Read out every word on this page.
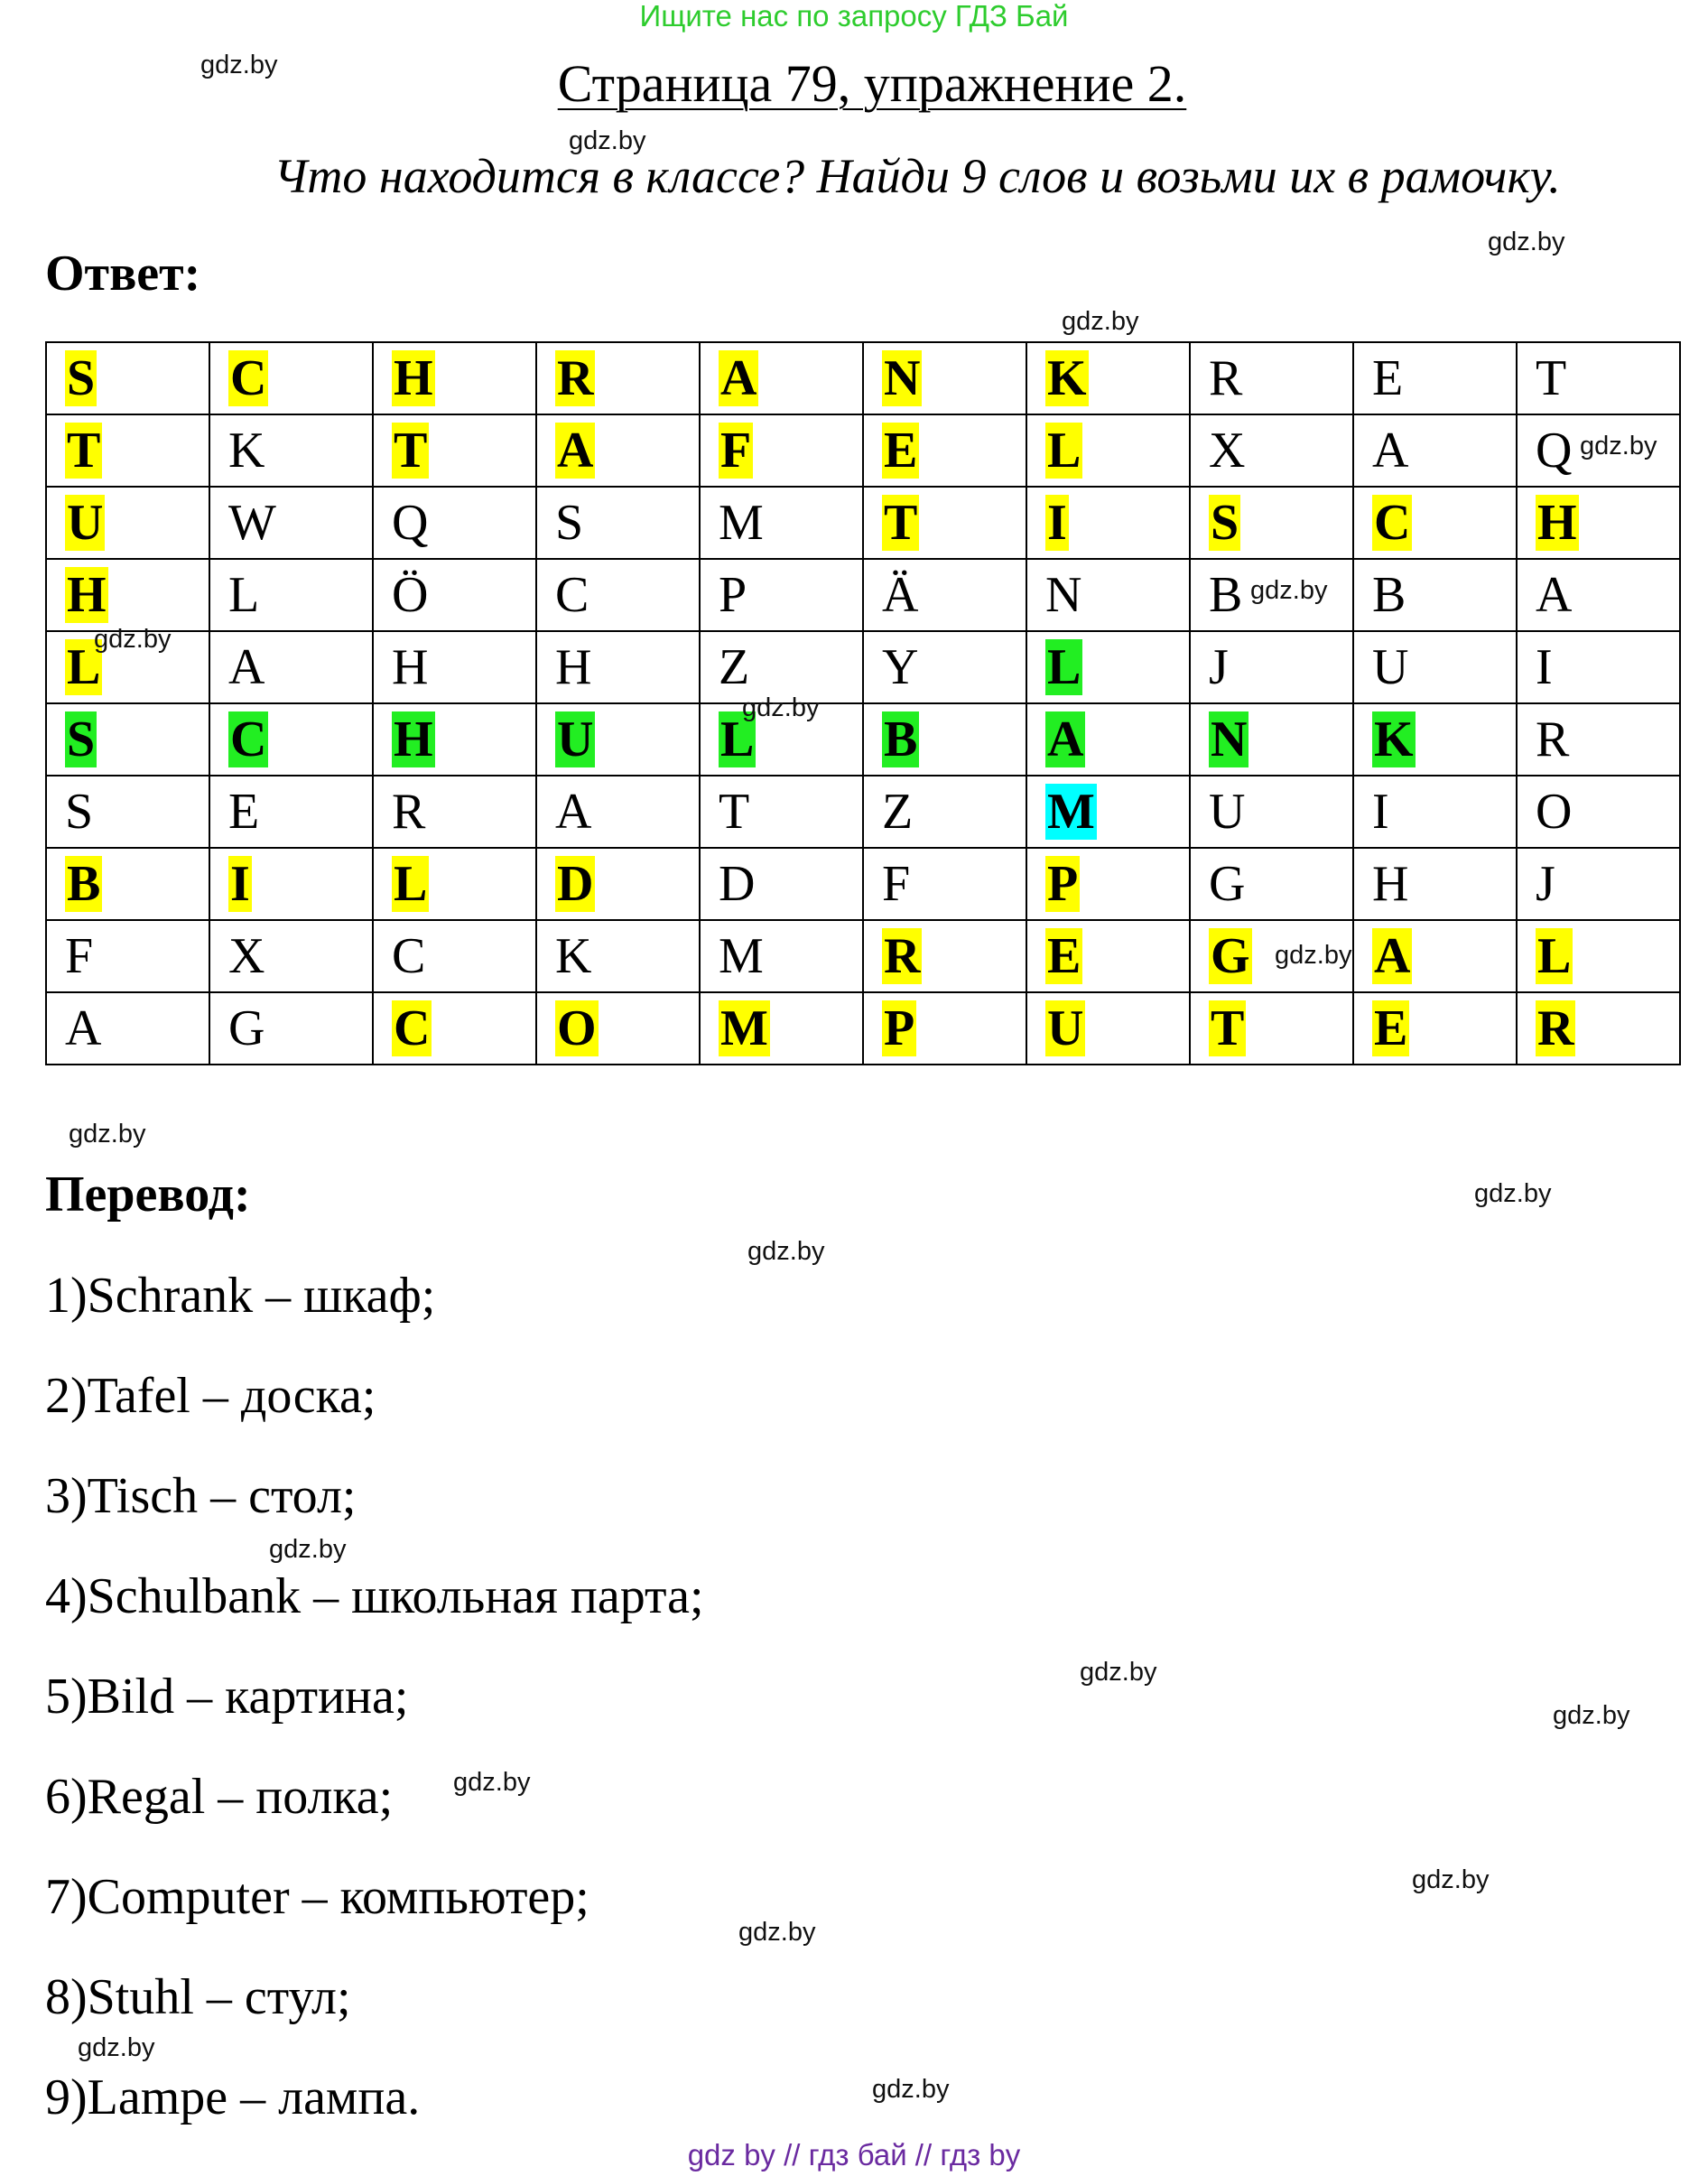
Ищите нас по запросу ГДЗ Бай
Страница 79, упражнение 2.
Что находится в классе? Найди 9 слов и возьми их в рамочку.
Ответ:
S	C	H	R	A	N	K	R	E	T
T	K	T	A	F	E	L	X	A	Q
U	W	Q	S	M	T	I	S	C	H
H	L	Ö	C	P	Ä	N	B	B	A
L	A	H	H	Z	Y	L	J	U	I
S	C	H	U	L	B	A	N	K	R
S	E	R	A	T	Z	M	U	I	O
B	I	L	D	D	F	P	G	H	J
F	X	C	K	M	R	E	G	A	L
A	G	C	O	M	P	U	T	E	R
Перевод:
1)Schrank – шкаф;
2)Tafel – доска;
3)Tisch – стол;
4)Schulbank – школьная парта;
5)Bild – картина;
6)Regal – полка;
7)Computer – компьютер;
8)Stuhl – стул;
9)Lampe – лампа.
gdz.by
gdz.by
gdz.by
gdz.by
gdz.by
gdz.by
gdz.by
gdz.by
gdz.by
gdz.by
gdz.by
gdz.by
gdz.by
gdz.by
gdz.by
gdz.by
gdz.by
gdz.by
gdz.by
gdz.by
gdz by // гдз бай // гдз by
